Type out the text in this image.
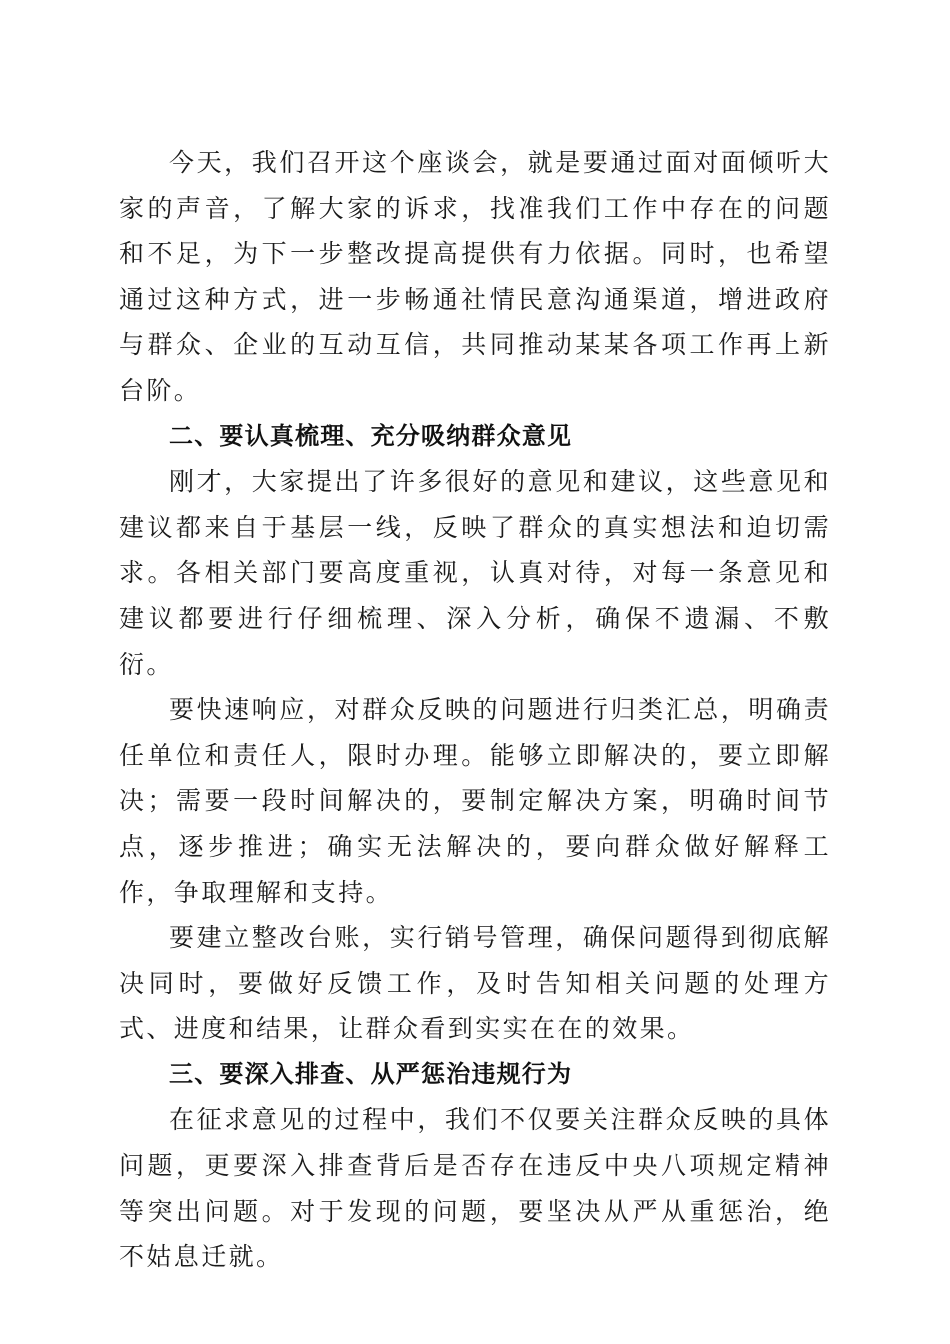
今天，我们召开这个座谈会，就是要通过面对面倾听大家的声音，了解大家的诉求，找准我们工作中存在的问题和不足，为下一步整改提高提供有力依据。同时，也希望通过这种方式，进一步畅通社情民意沟通渠道，增进政府与群众、企业的互动互信，共同推动某某各项工作再上新台阶。

二、要认真梳理、充分吸纳群众意见

刚才，大家提出了许多很好的意见和建议，这些意见和建议都来自于基层一线，反映了群众的真实想法和迫切需求。各相关部门要高度重视，认真对待，对每一条意见和建议都要进行仔细梳理、深入分析，确保不遗漏、不敷衍。

要快速响应，对群众反映的问题进行归类汇总，明确责任单位和责任人，限时办理。能够立即解决的，要立即解决；需要一段时间解决的，要制定解决方案，明确时间节点，逐步推进；确实无法解决的，要向群众做好解释工作，争取理解和支持。

要建立整改台账，实行销号管理，确保问题得到彻底解决同时，要做好反馈工作，及时告知相关问题的处理方式、进度和结果，让群众看到实实在在的效果。

三、要深入排查、从严惩治违规行为

在征求意见的过程中，我们不仅要关注群众反映的具体问题，更要深入排查背后是否存在违反中央八项规定精神等突出问题。对于发现的问题，要坚决从严从重惩治，绝不姑息迁就。
